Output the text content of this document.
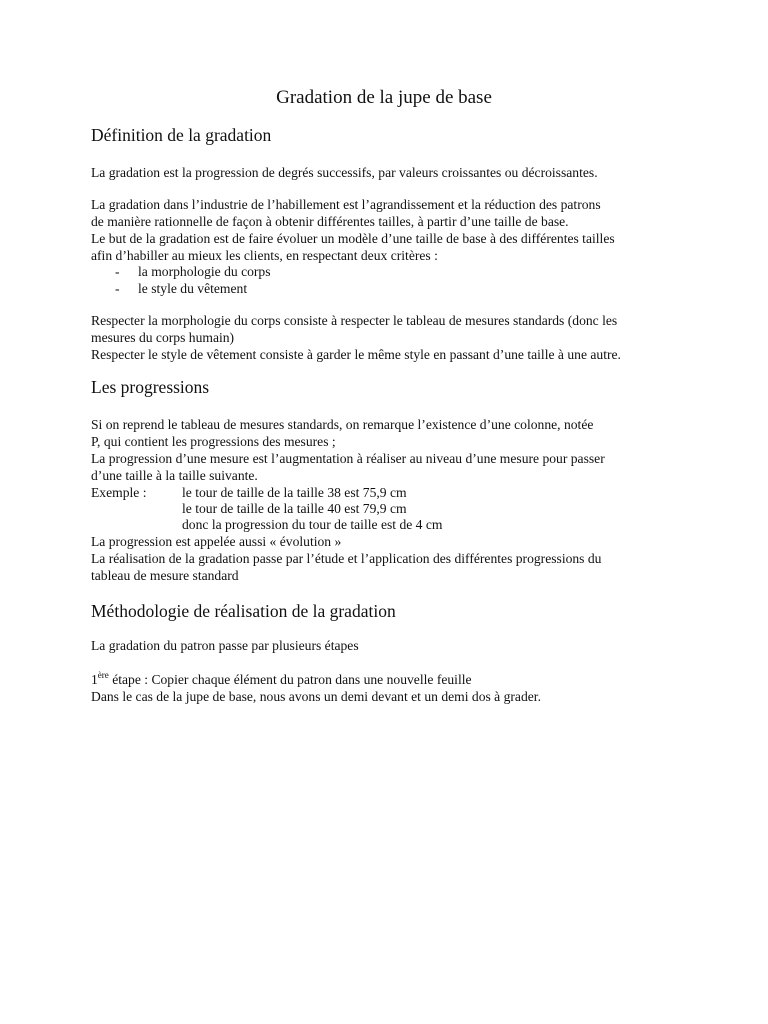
Gradation de la jupe de base
Définition de la gradation
La gradation est la progression de degrés successifs, par valeurs croissantes ou décroissantes.
La gradation dans l’industrie de l’habillement est l’agrandissement et la réduction des patrons
de manière rationnelle de façon à obtenir différentes tailles, à partir d’une taille de base.
Le but de la gradation est de faire évoluer un modèle d’une taille de base à des différentes tailles
afin d’habiller au mieux les clients, en respectant deux critères :
- la morphologie du corps
- le style du vêtement
Respecter la morphologie du corps consiste à respecter le tableau de mesures standards (donc les
mesures du corps humain)
Respecter le style de vêtement consiste à garder le même style en passant d’une taille à une autre.
Les progressions
Si on reprend le tableau de mesures standards, on remarque l’existence d’une colonne, notée
P, qui contient les progressions des mesures ;
La progression d’une mesure est l’augmentation à réaliser au niveau d’une mesure pour passer
d’une taille à la taille suivante.
Exemple :	le tour de taille de la taille 38 est 75,9 cm
le tour de taille de la taille 40 est 79,9 cm
donc la progression du tour de taille est de 4 cm
La progression est appelée aussi « évolution »
La réalisation de la gradation passe par l’étude et l’application des différentes progressions du
tableau de mesure standard
Méthodologie de réalisation de la gradation
La gradation du patron passe par plusieurs étapes
1ère étape : Copier chaque élément du patron dans une nouvelle feuille
Dans le cas de la jupe de base, nous avons un demi devant et un demi dos à grader.
